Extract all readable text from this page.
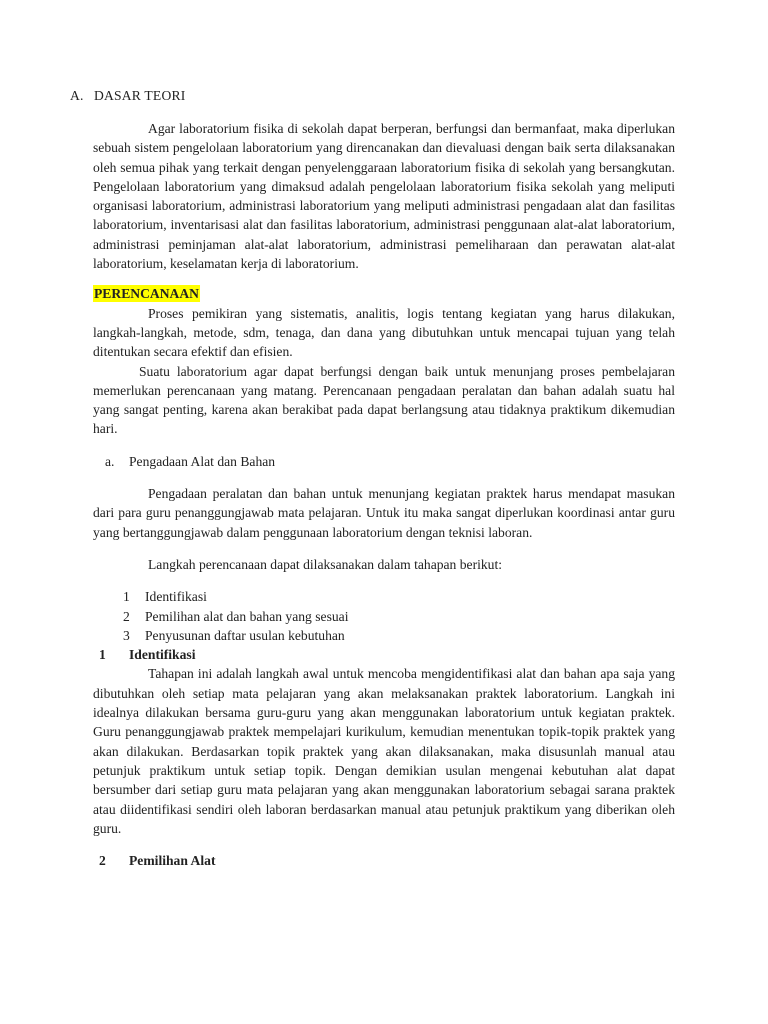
A. DASAR TEORI

Agar laboratorium fisika di sekolah dapat berperan, berfungsi dan bermanfaat, maka diperlukan sebuah sistem pengelolaan laboratorium yang direncanakan dan dievaluasi dengan baik serta dilaksanakan oleh semua pihak yang terkait dengan penyelenggaraan laboratorium fisika di sekolah yang bersangkutan. Pengelolaan laboratorium yang dimaksud adalah pengelolaan laboratorium fisika sekolah yang meliputi organisasi laboratorium, administrasi laboratorium yang meliputi administrasi pengadaan alat dan fasilitas laboratorium, inventarisasi alat dan fasilitas laboratorium, administrasi penggunaan alat-alat laboratorium, administrasi peminjaman alat-alat laboratorium, administrasi pemeliharaan dan perawatan alat-alat laboratorium, keselamatan kerja di laboratorium.

PERENCANAAN

Proses pemikiran yang sistematis, analitis, logis tentang kegiatan yang harus dilakukan, langkah-langkah, metode, sdm, tenaga, dan dana yang dibutuhkan untuk mencapai tujuan yang telah ditentukan secara efektif dan efisien.

Suatu laboratorium agar dapat berfungsi dengan baik untuk menunjang proses pembelajaran memerlukan perencanaan yang matang. Perencanaan pengadaan peralatan dan bahan adalah suatu hal yang sangat penting, karena akan berakibat pada dapat berlangsung atau tidaknya praktikum dikemudian hari.

a.	Pengadaan Alat dan Bahan

Pengadaan peralatan dan bahan untuk menunjang kegiatan praktek harus mendapat masukan dari para guru penanggungjawab mata pelajaran. Untuk itu maka sangat diperlukan koordinasi antar guru yang bertanggungjawab dalam penggunaan laboratorium dengan teknisi laboran.

Langkah perencanaan dapat dilaksanakan dalam tahapan berikut:

1	Identifikasi
2	Pemilihan alat dan bahan yang sesuai
3	Penyusunan daftar usulan kebutuhan
1	Identifikasi

Tahapan ini adalah langkah awal untuk mencoba mengidentifikasi alat dan bahan apa saja yang dibutuhkan oleh setiap mata pelajaran yang akan melaksanakan praktek laboratorium. Langkah ini idealnya dilakukan bersama guru-guru yang akan menggunakan laboratorium untuk kegiatan praktek. Guru penanggungjawab praktek mempelajari kurikulum, kemudian menentukan topik-topik praktek yang akan dilakukan. Berdasarkan topik praktek yang akan dilaksanakan, maka disusunlah manual atau petunjuk praktikum untuk setiap topik. Dengan demikian usulan mengenai kebutuhan alat dapat bersumber dari setiap guru mata pelajaran yang akan menggunakan laboratorium sebagai sarana praktek atau diidentifikasi sendiri oleh laboran berdasarkan manual atau petunjuk praktikum yang diberikan oleh guru.

2	Pemilihan Alat
